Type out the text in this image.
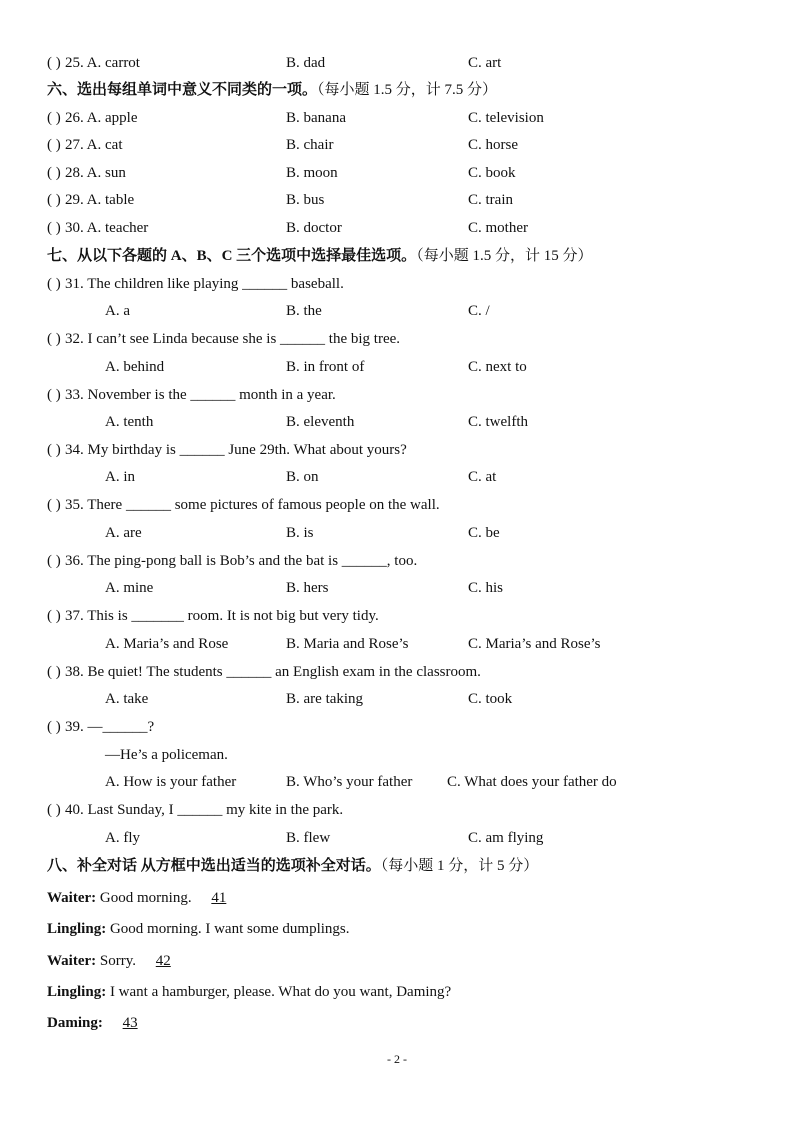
( ) 25. A. carrot	B. dad	C. art
六、选出每组单词中意义不同类的一项。（每小题 1.5 分，计 7.5 分）
( ) 26. A. apple	B. banana	C. television
( ) 27. A. cat	B. chair	C. horse
( ) 28. A. sun	B. moon	C. book
( ) 29. A. table	B. bus	C. train
( ) 30. A. teacher	B. doctor	C. mother
七、从以下各题的 A、B、C 三个选项中选择最佳选项。（每小题 1.5 分，计 15 分）
( ) 31. The children like playing ______ baseball.
A. a	B. the	C. /
( ) 32. I can’t see Linda because she is ______ the big tree.
A. behind	B. in front of	C. next to
( ) 33. November is the ______ month in a year.
A. tenth	B. eleventh	C. twelfth
( ) 34. My birthday is ______ June 29th. What about yours?
A. in	B. on	C. at
( ) 35. There ______ some pictures of famous people on the wall.
A. are	B. is	C. be
( ) 36. The ping-pong ball is Bob’s and the bat is ______, too.
A. mine	B. hers	C. his
( ) 37. This is _______ room. It is not big but very tidy.
A. Maria’s and Rose	B. Maria and Rose’s	C. Maria’s and Rose’s
( ) 38. Be quiet! The students ______ an English exam in the classroom.
A. take	B. are taking	C. took
( ) 39. —______?
—He’s a policeman.
A. How is your father	B. Who’s your father C. What does your father do
( ) 40. Last Sunday, I ______ my kite in the park.
A. fly	B. flew	C. am flying
八、补全对话 从方框中选出适当的选项补全对话。（每小题 1 分，计 5 分）
Waiter: Good morning. 41
Lingling: Good morning. I want some dumplings.
Waiter: Sorry. 42
Lingling: I want a hamburger, please. What do you want, Daming?
Daming: 43
- 2 -
